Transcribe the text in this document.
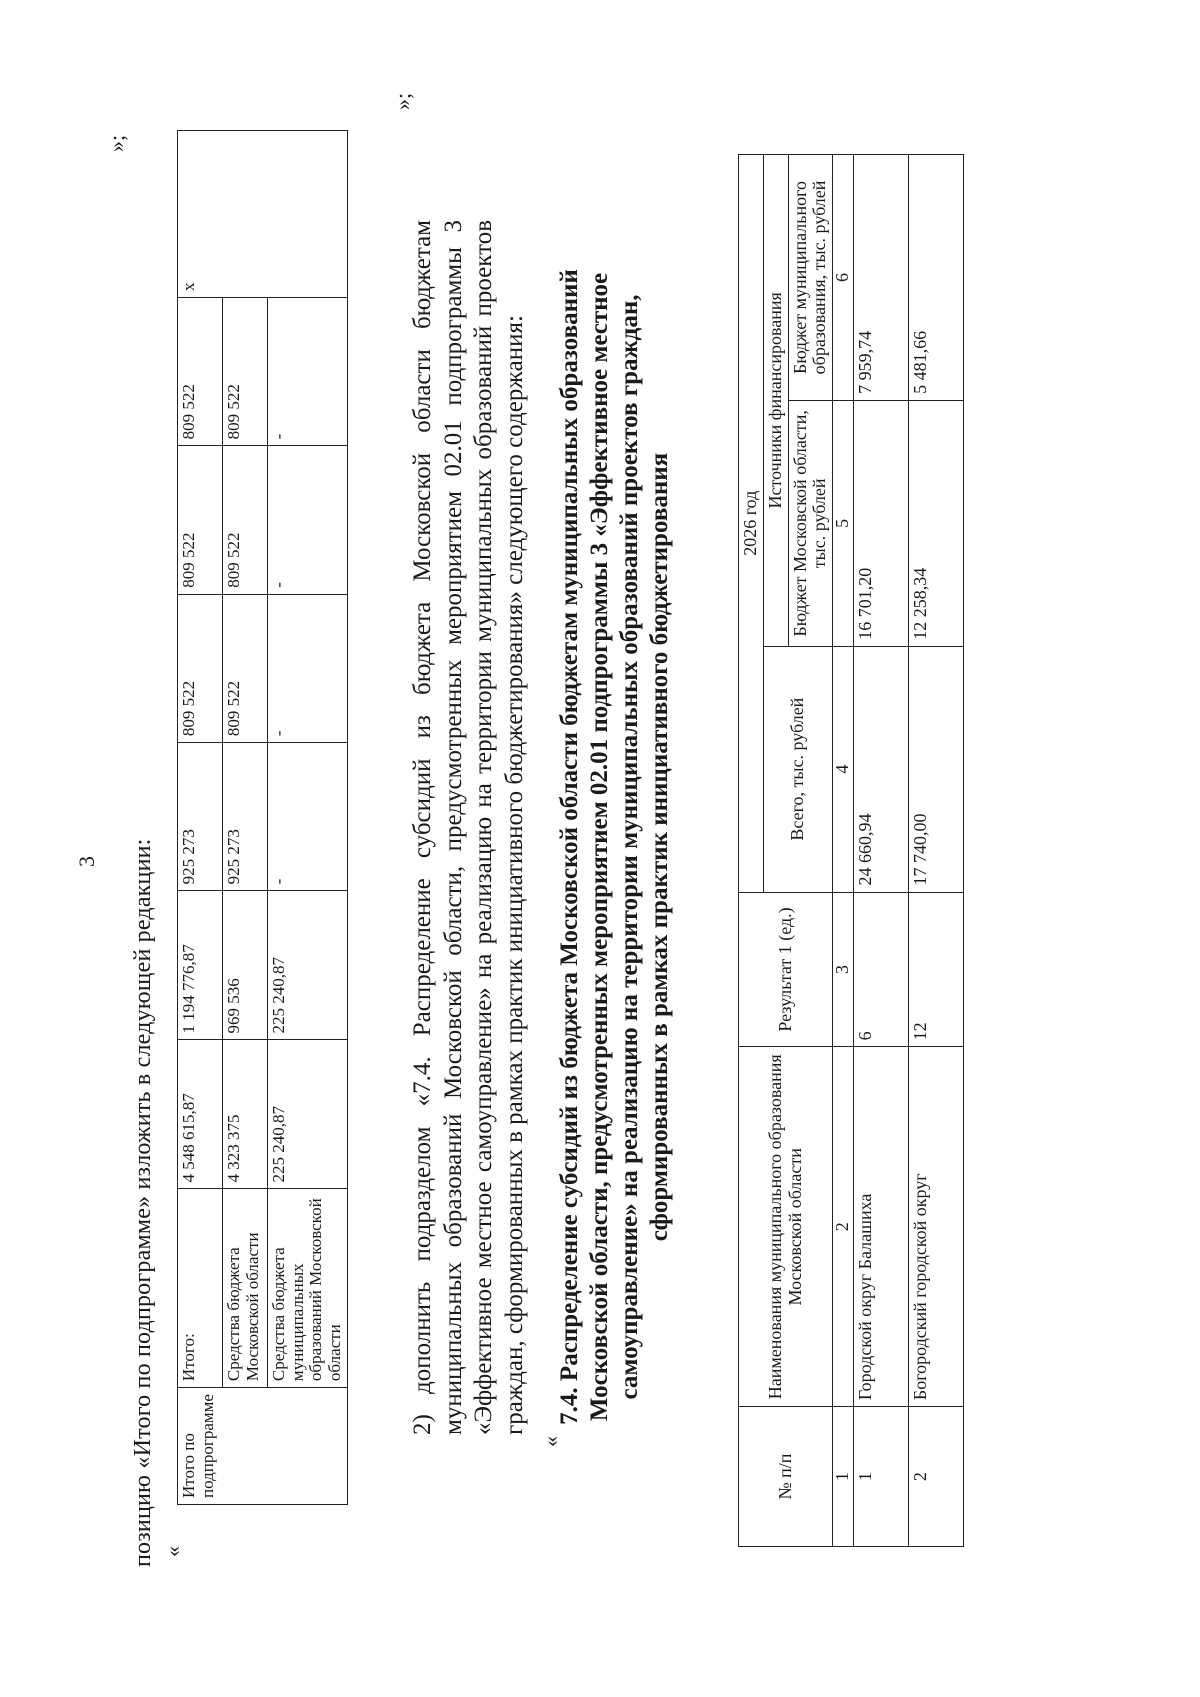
3
»;
позицию «Итого по подпрограмме» изложить в следующей редакции: «
Итого по подпрограмме	Итого:	4 548 615,87	1 194 776,87	925 273	809 522	809 522	809 522	х
	Средства бюджета Московской области	4 323 375	969 536	925 273	809 522	809 522	809 522	
	Средства бюджета муниципальных образований Московской области	225 240,87	225 240,87	-	-	-	-	
»;
2) дополнить подразделом «7.4. Распределение субсидий из бюджета Московской области бюджетам муниципальных образований Московской области, предусмотренных мероприятием 02.01 подпрограммы 3 «Эффективное местное самоуправление» на реализацию на территории муниципальных образований проектов граждан, сформированных в рамках практик инициативного бюджетирования» следующего содержания:
«
7.4. Распределение субсидий из бюджета Московской области бюджетам муниципальных образований Московской области, предусмотренных мероприятием 02.01 подпрограммы 3 «Эффективное местное самоуправление» на реализацию на территории муниципальных образований проектов граждан, сформированных в рамках практик инициативного бюджетирования
№ п/п	Наименования муниципального образования Московской области	Результат 1 (ед.)	2026 год		
			Всего, тыс. рублей	Источники финансирования	
				Бюджет Московской области, тыс. рублей	Бюджет муниципального образования, тыс. рублей
1	2	3	4	5	6
1	Городской округ Балашиха	6	24 660,94	16 701,20	7 959,74
2	Богородский городской округ	12	17 740,00	12 258,34	5 481,66
